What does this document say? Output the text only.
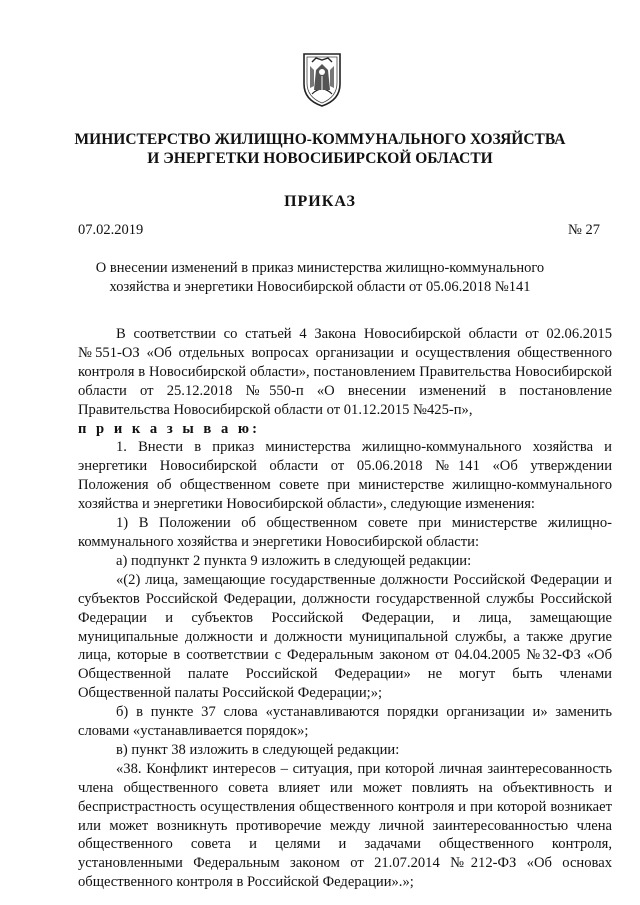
МИНИСТЕРСТВО ЖИЛИЩНО-КОММУНАЛЬНОГО ХОЗЯЙСТВА
И ЭНЕРГЕТКИ НОВОСИБИРСКОЙ ОБЛАСТИ
ПРИКАЗ
07.02.2019	№ 27
О внесении изменений в приказ министерства жилищно-коммунального
хозяйства и энергетики Новосибирской области от 05.06.2018 №141

В соответствии со статьей 4 Закона Новосибирской области от 02.06.2015 №551-ОЗ «Об отдельных вопросах организации и осуществления общественного контроля в Новосибирской области», постановлением Правительства Новосибирской области от 25.12.2018 №550-п «О внесении изменений в постановление Правительства Новосибирской области от 01.12.2015 №425-п»,

п р и к а з ы в а ю:

1. Внести в приказ министерства жилищно-коммунального хозяйства и энергетики Новосибирской области от 05.06.2018 №141 «Об утверждении Положения об общественном совете при министерстве жилищно-коммунального хозяйства и энергетики Новосибирской области», следующие изменения:

1) В Положении об общественном совете при министерстве жилищно-коммунального хозяйства и энергетики Новосибирской области:

а) подпункт 2 пункта 9 изложить в следующей редакции:

«(2) лица, замещающие государственные должности Российской Федерации и субъектов Российской Федерации, должности государственной службы Российской Федерации и субъектов Российской Федерации, и лица, замещающие муниципальные должности и должности муниципальной службы, а также другие лица, которые в соответствии с Федеральным законом от 04.04.2005 №32-ФЗ «Об Общественной палате Российской Федерации» не могут быть членами Общественной палаты Российской Федерации;»;

б) в пункте 37 слова «устанавливаются порядки организации и» заменить словами «устанавливается порядок»;

в) пункт 38 изложить в следующей редакции:

«38. Конфликт интересов – ситуация, при которой личная заинтересованность члена общественного совета влияет или может повлиять на объективность и беспристрастность осуществления общественного контроля и при которой возникает или может возникнуть противоречие между личной заинтересованностью члена общественного совета и целями и задачами общественного контроля, установленными Федеральным законом от 21.07.2014 №212-ФЗ «Об основах общественного контроля в Российской Федерации».»;
